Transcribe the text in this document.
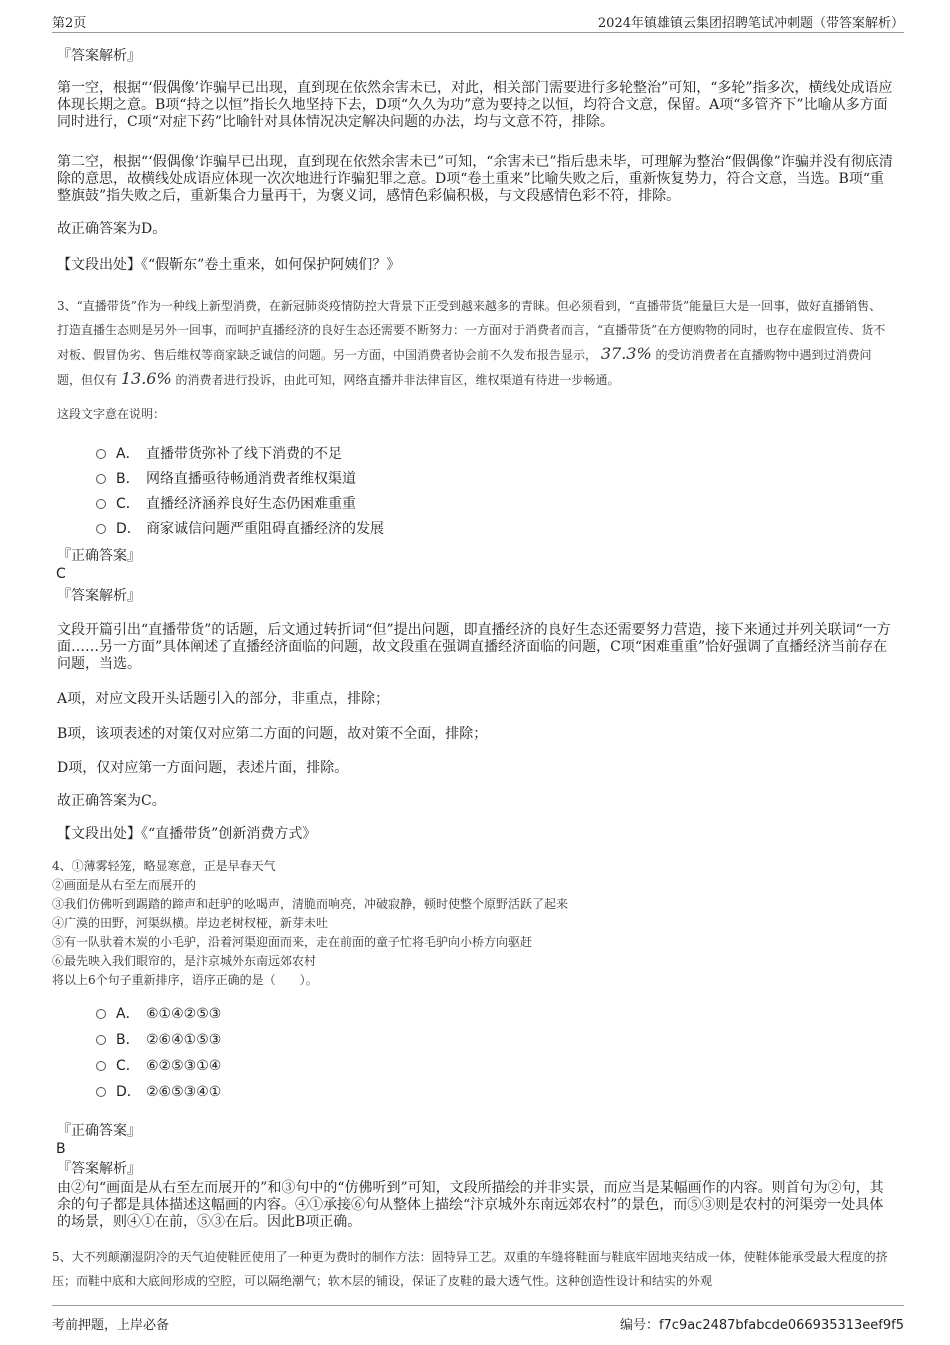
第2页	2024年镇雄镇云集团招聘笔试冲刺题（带答案解析）
『答案解析』
第一空，根据“‘假偶像’诈骗早已出现，直到现在依然余害未已，对此，相关部门需要进行多轮整治”可知，“多轮”指多次，横线处成语应体现长期之意。B项“持之以恒”指长久地坚持下去，D项“久久为功”意为要持之以恒，均符合文意，保留。A项“多管齐下”比喻从多方面同时进行，C项“对症下药”比喻针对具体情况决定解决问题的办法，均与文意不符，排除。
第二空，根据“‘假偶像’诈骗早已出现，直到现在依然余害未已”可知，“余害未已”指后患未毕，可理解为整治“假偶像”诈骗并没有彻底清除的意思，故横线处成语应体现一次次地进行诈骗犯罪之意。D项“卷土重来”比喻失败之后，重新恢复势力，符合文意，当选。B项“重整旗鼓”指失败之后，重新集合力量再干，为褒义词，感情色彩偏积极，与文段感情色彩不符，排除。
故正确答案为D。
【文段出处】《“假靳东”卷土重来，如何保护阿姨们？》
3、“直播带货”作为一种线上新型消费，在新冠肺炎疫情防控大背景下正受到越来越多的青睐。但必须看到，“直播带货”能量巨大是一回事，做好直播销售、打造直播生态则是另外一回事，而呵护直播经济的良好生态还需要不断努力：一方面对于消费者而言，“直播带货”在方便购物的同时，也存在虚假宣传、货不对板、假冒伪劣、售后维权等商家缺乏诚信的问题。另一方面，中国消费者协会前不久发布报告显示， 37.3% 的受访消费者在直播购物中遇到过消费问题，但仅有 13.6% 的消费者进行投诉，由此可知，网络直播并非法律盲区，维权渠道有待进一步畅通。
这段文字意在说明：
A． 直播带货弥补了线下消费的不足
B． 网络直播亟待畅通消费者维权渠道
C． 直播经济涵养良好生态仍困难重重
D． 商家诚信问题严重阻碍直播经济的发展
『正确答案』
C
『答案解析』
文段开篇引出“直播带货”的话题，后文通过转折词“但”提出问题，即直播经济的良好生态还需要努力营造，接下来通过并列关联词“一方面……另一方面”具体阐述了直播经济面临的问题，故文段重在强调直播经济面临的问题，C项“困难重重”恰好强调了直播经济当前存在问题，当选。
A项，对应文段开头话题引入的部分，非重点，排除；
B项，该项表述的对策仅对应第二方面的问题，故对策不全面，排除；
D项，仅对应第一方面问题，表述片面，排除。
故正确答案为C。
【文段出处】《“直播带货”创新消费方式》
4、①薄雾轻笼，略显寒意，正是早春天气
②画面是从右至左而展开的
③我们仿佛听到踢踏的蹄声和赶驴的吆喝声，清脆而响亮，冲破寂静，顿时使整个原野活跃了起来
④广漠的田野，河渠纵横。岸边老树杈桠，新芽未吐
⑤有一队驮着木炭的小毛驴，沿着河渠迎面而来，走在前面的童子忙将毛驴向小桥方向驱赶
⑥最先映入我们眼帘的，是汴京城外东南远郊农村
将以上6个句子重新排序，语序正确的是（　　）。
A． ⑥①④②⑤③
B． ②⑥④①⑤③
C． ⑥②⑤③①④
D． ②⑥⑤③④①
『正确答案』
B
『答案解析』
由②句“画面是从右至左而展开的”和③句中的“仿佛听到”可知，文段所描绘的并非实景，而应当是某幅画作的内容。则首句为②句，其余的句子都是具体描述这幅画的内容。④①承接⑥句从整体上描绘“汴京城外东南远郊农村”的景色，而⑤③则是农村的河渠旁一处具体的场景，则④①在前，⑤③在后。因此B项正确。
5、大不列颠潮湿阴冷的天气迫使鞋匠使用了一种更为费时的制作方法：固特异工艺。双重的车缝将鞋面与鞋底牢固地夹结成一体，使鞋体能承受最大程度的挤压；而鞋中底和大底间形成的空腔，可以隔绝潮气；软木层的铺设，保证了皮鞋的最大透气性。这种创造性设计和结实的外观
考前押题，上岸必备	编号：f7c9ac2487bfabcde066935313eef9f5
